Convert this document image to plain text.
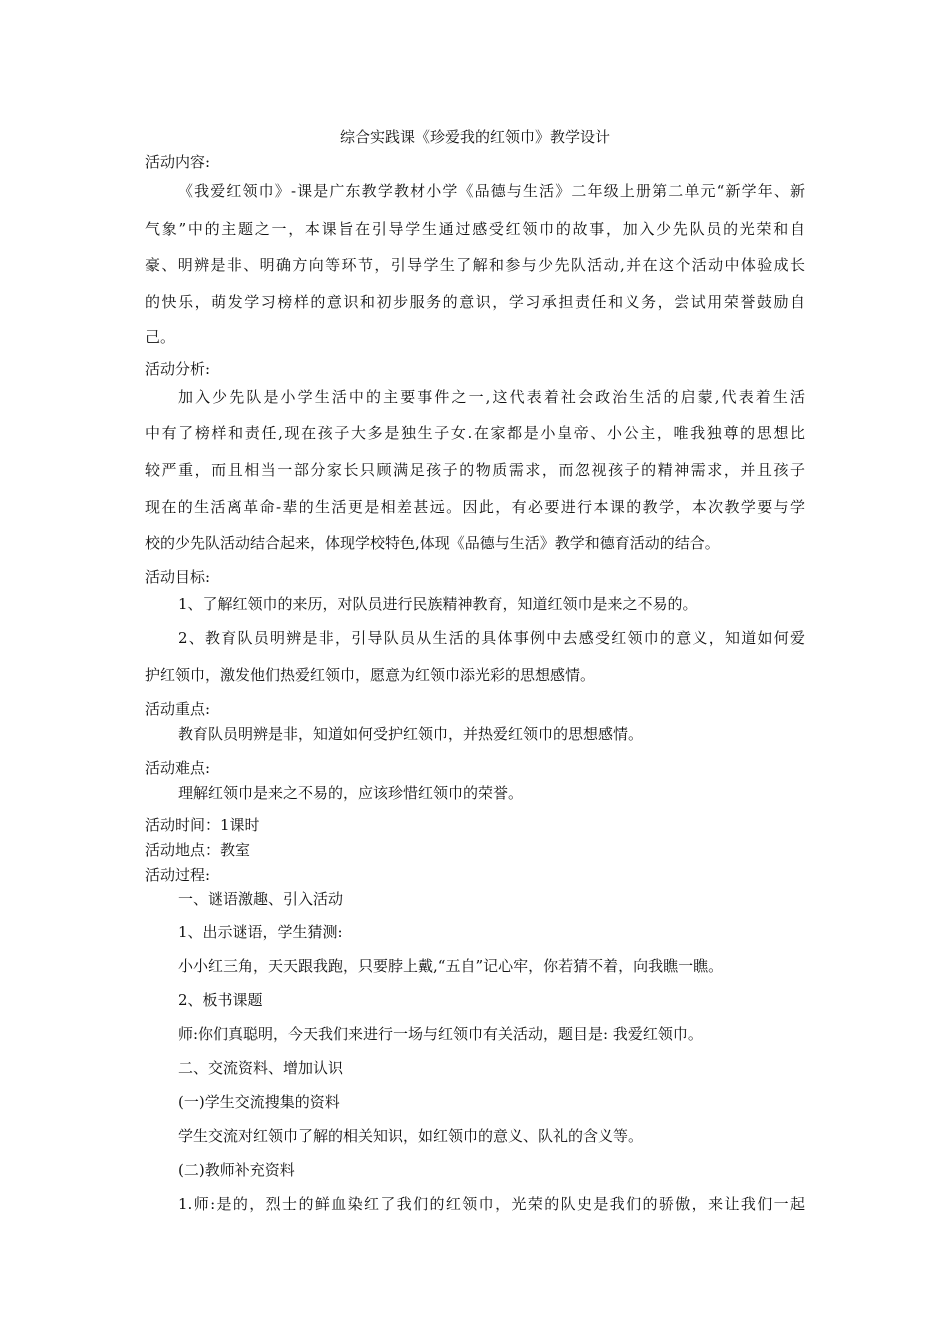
综合实践课《珍爱我的红领巾》教学设计

活动内容:

《我爱红领巾》-课是广东教学教材小学《品德与生活》二年级上册第二单元“新学年、新

气象”中的主题之一，本课旨在引导学生通过感受红领巾的故事，加入少先队员的光荣和自

豪、明辨是非、明确方向等环节，引导学生了解和参与少先队活动,并在这个活动中体验成长

的快乐，萌发学习榜样的意识和初步服务的意识，学习承担责任和义务，尝试用荣誉鼓励自

己。

活动分析:

加入少先队是小学生活中的主要事件之一,这代表着社会政治生活的启蒙,代表着生活

中有了榜样和责任,现在孩子大多是独生子女.在家都是小皇帝、小公主，唯我独尊的思想比

较严重，而且相当一部分家长只顾满足孩子的物质需求，而忽视孩子的精神需求，并且孩子

现在的生活离革命-辈的生活更是相差甚远。因此，有必要进行本课的教学，本次教学要与学

校的少先队活动结合起来，体现学校特色,体现《品德与生活》教学和德育活动的结合。

活动目标:

1、了解红领巾的来历，对队员进行民族精神教育，知道红领巾是来之不易的。

2、教育队员明辨是非，引导队员从生活的具体事例中去感受红领巾的意义，知道如何爱

护红领巾，激发他们热爱红领巾，愿意为红领巾添光彩的思想感情。

活动重点:

教育队员明辨是非，知道如何受护红领巾，并热爱红领巾的思想感情。

活动难点:

理解红领巾是来之不易的，应该珍惜红领巾的荣誉。

活动时间：1课时

活动地点：教室

活动过程:

一、谜语激趣、引入活动

1、出示谜语，学生猜测:

小小红三角，天天跟我跑，只要脖上戴,“五自”记心牢，你若猜不着，向我瞧一瞧。

2、板书课题

师:你们真聪明，今天我们来进行一场与红领巾有关活动，题目是: 我爱红领巾。

二、交流资料、增加认识

(一)学生交流搜集的资料

学生交流对红领巾了解的相关知识，如红领巾的意义、队礼的含义等。

(二)教师补充资料

1.师:是的，烈士的鲜血染红了我们的红领巾，光荣的队史是我们的骄傲，来让我们一起
